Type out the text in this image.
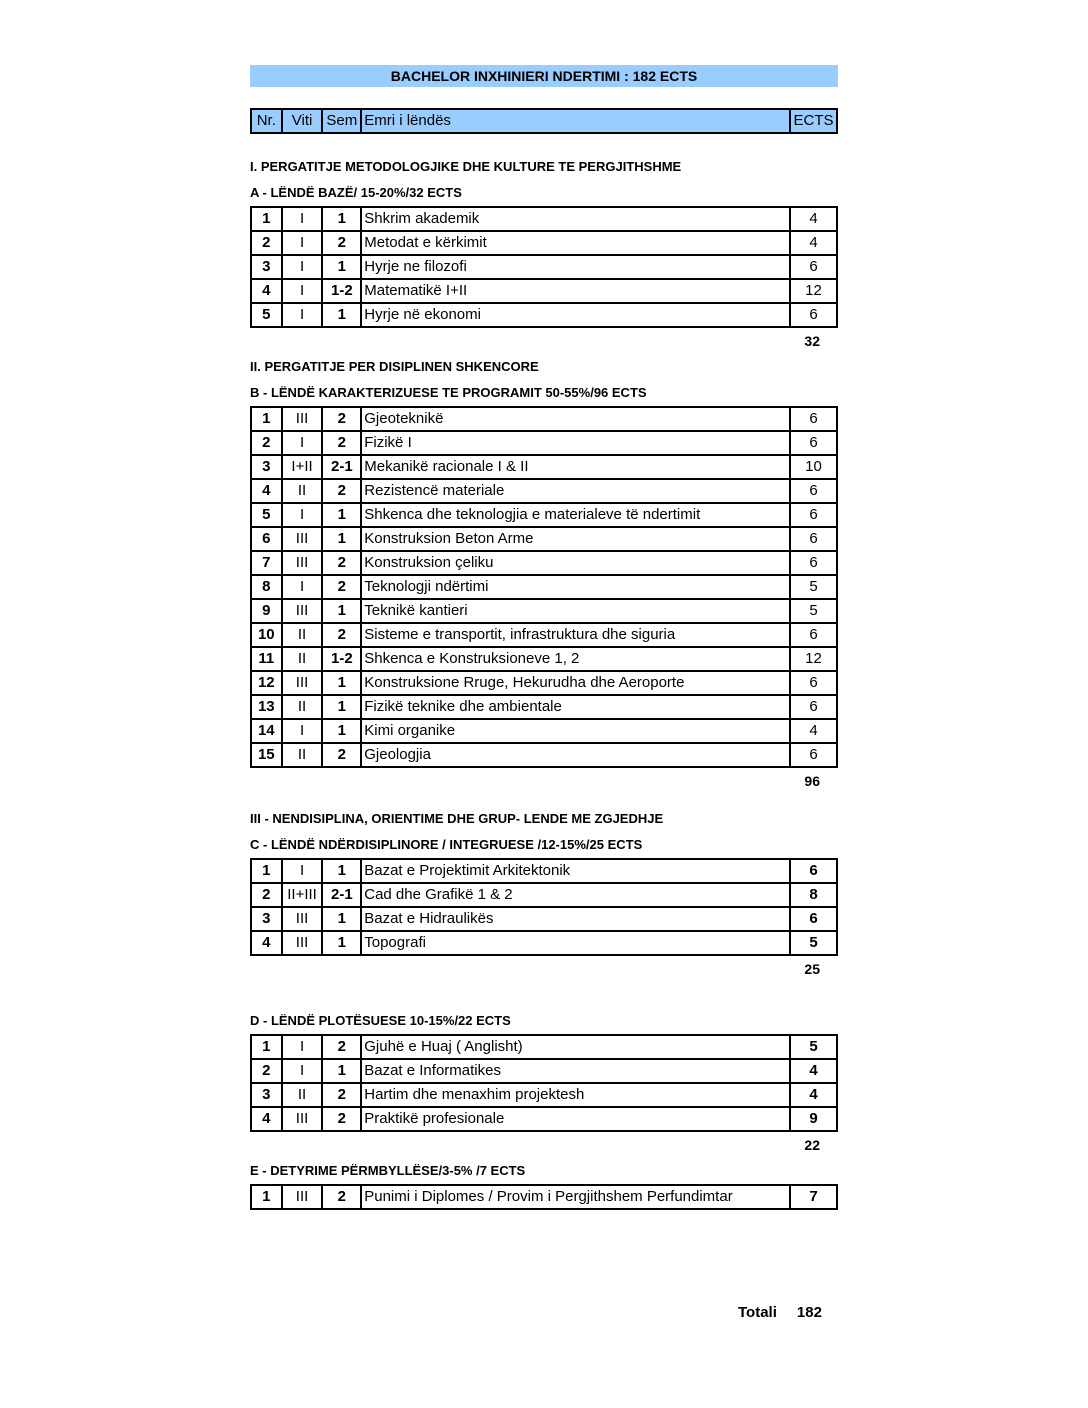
BACHELOR INXHINIERI NDERTIMI : 182 ECTS
Nr.	Viti	Sem	Emri i lëndës	ECTS
I. PERGATITJE METODOLOGJIKE DHE KULTURE TE PERGJITHSHME
A - LËNDË BAZË/ 15-20%/32 ECTS
1	I	1	Shkrim akademik	4
2	I	2	Metodat e kërkimit	4
3	I	1	Hyrje ne filozofi	6
4	I	1-2	Matematikë I+II	12
5	I	1	Hyrje në ekonomi	6
32
II. PERGATITJE PER DISIPLINEN SHKENCORE
B - LËNDË KARAKTERIZUESE TE PROGRAMIT 50-55%/96 ECTS
1	III	2	Gjeoteknikë	6
2	I	2	Fizikë I	6
3	I+II	2-1	Mekanikë racionale I & II	10
4	II	2	Rezistencë materiale	6
5	I	1	Shkenca dhe teknologjia e materialeve të ndertimit	6
6	III	1	Konstruksion Beton Arme	6
7	III	2	Konstruksion çeliku	6
8	I	2	Teknologji ndërtimi	5
9	III	1	Teknikë kantieri	5
10	II	2	Sisteme e transportit, infrastruktura dhe siguria	6
11	II	1-2	Shkenca e Konstruksioneve 1, 2	12
12	III	1	Konstruksione Rruge, Hekurudha dhe Aeroporte	6
13	II	1	Fizikë teknike dhe ambientale	6
14	I	1	Kimi organike	4
15	II	2	Gjeologjia	6
96
III - NENDISIPLINA, ORIENTIME DHE GRUP- LENDE ME ZGJEDHJE
C - LËNDË NDËRDISIPLINORE / INTEGRUESE /12-15%/25 ECTS
1	I	1	Bazat e Projektimit Arkitektonik	6
2	II+III	2-1	Cad dhe Grafikë 1 & 2	8
3	III	1	Bazat e Hidraulikës	6
4	III	1	Topografi	5
25
D - LËNDË PLOTËSUESE 10-15%/22 ECTS
1	I	2	Gjuhë e Huaj ( Anglisht)	5
2	I	1	Bazat e Informatikes	4
3	II	2	Hartim dhe menaxhim projektesh	4
4	III	2	Praktikë profesionale	9
22
E - DETYRIME PËRMBYLLËSE/3-5% /7 ECTS
1	III	2	Punimi i Diplomes / Provim i Pergjithshem Perfundimtar	7
Totali 182
